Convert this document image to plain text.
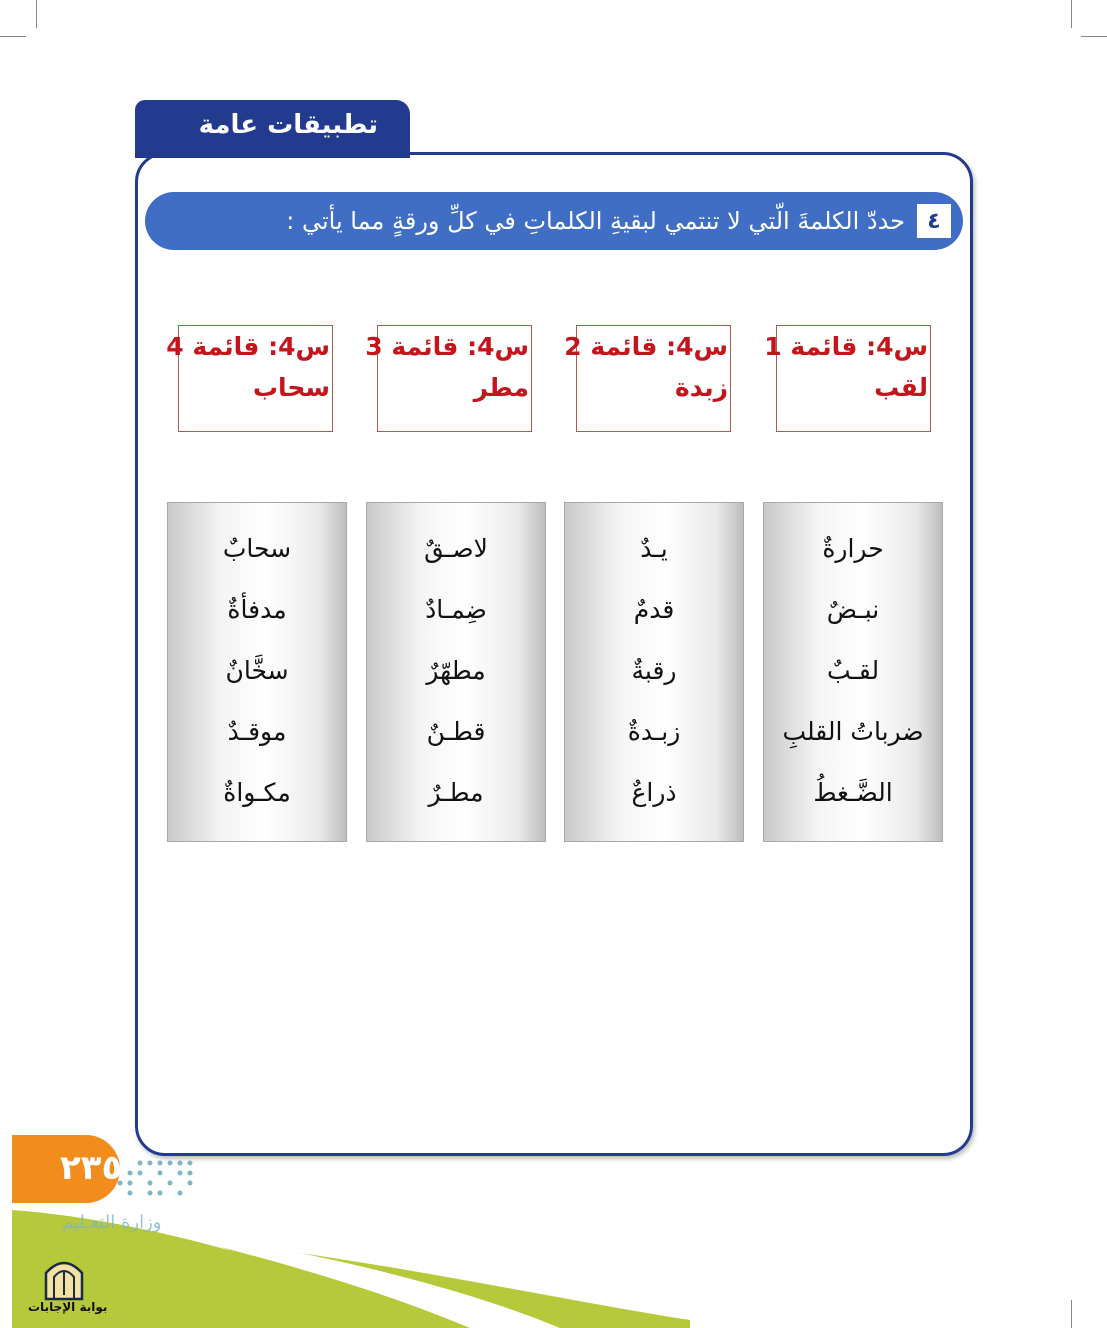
تطبيقات عامة
٤
حددّ الكلمةَ الّتي لا تنتمي لبقيةِ الكلماتِ في كلِّ ورقةٍ مما يأتي :
س4: قائمة 1
لقب
س4: قائمة 2
زبدة
س4: قائمة 3
مطر
س4: قائمة 4
سحاب
حرارةٌ
نبـضٌ
لقـبٌ
ضرباتُ القلبِ
الضَّـغطُ
يـدٌ
قدمٌ
رقبةٌ
زبـدةٌ
ذراعٌ
لاصـقٌ
ضِمـادٌ
مطهّرٌ
قطـنٌ
مطـرٌ
سحابٌ
مدفأةٌ
سخَّانٌ
موقـدٌ
مكـواةٌ
٢٣٥
وزارة التعـليم
بوابة الإجابات
